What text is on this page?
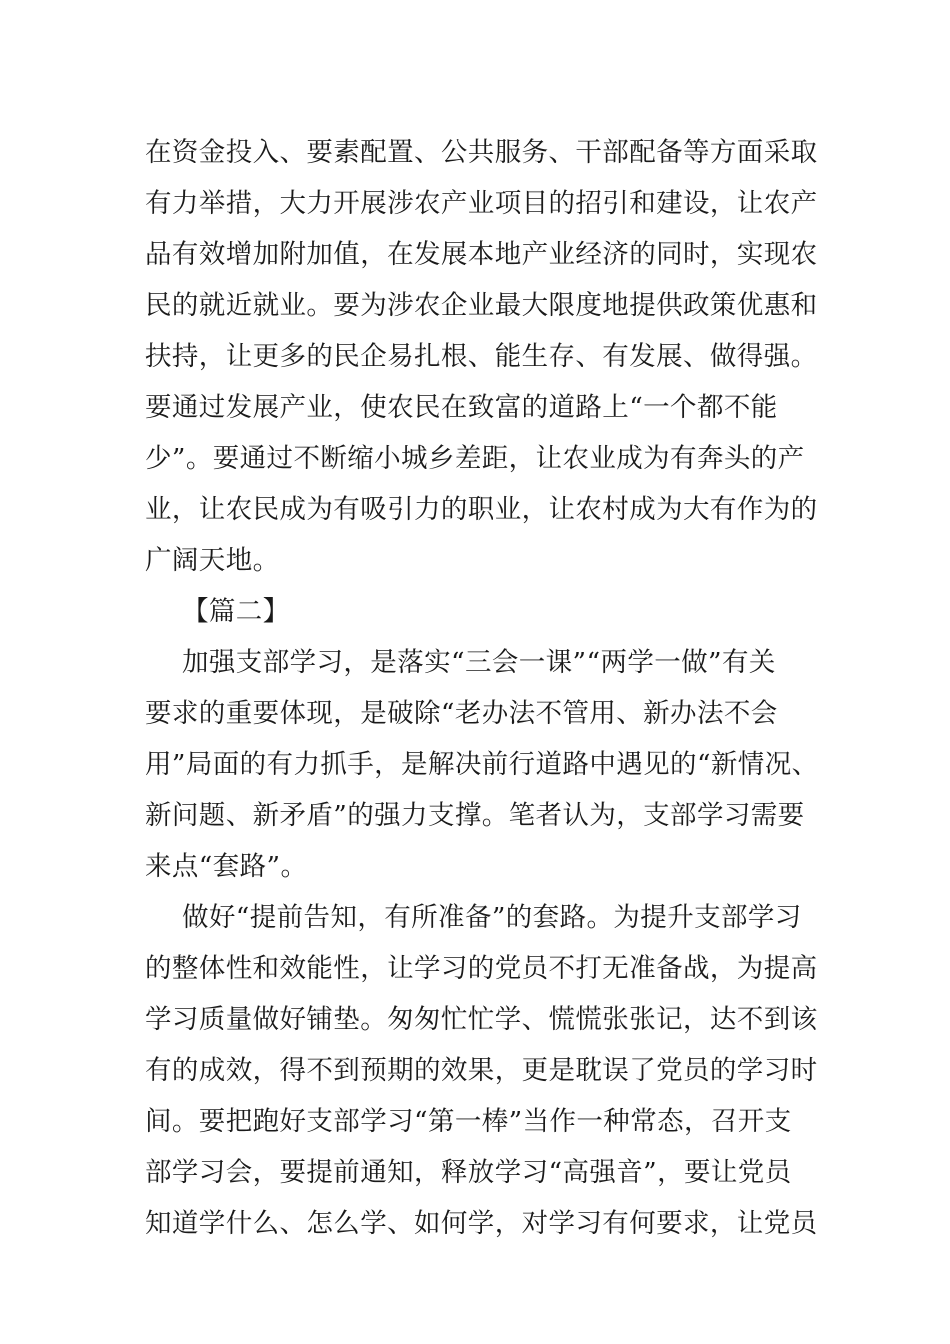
在资金投入、要素配置、公共服务、干部配备等方面采取
有力举措，大力开展涉农产业项目的招引和建设，让农产
品有效增加附加值，在发展本地产业经济的同时，实现农
民的就近就业。要为涉农企业最大限度地提供政策优惠和
扶持，让更多的民企易扎根、能生存、有发展、做得强。
要通过发展产业，使农民在致富的道路上“一个都不能
少”。要通过不断缩小城乡差距，让农业成为有奔头的产
业，让农民成为有吸引力的职业，让农村成为大有作为的
广阔天地。
【篇二】
加强支部学习，是落实“三会一课”“两学一做”有关
要求的重要体现，是破除“老办法不管用、新办法不会
用”局面的有力抓手，是解决前行道路中遇见的“新情况、
新问题、新矛盾”的强力支撑。笔者认为，支部学习需要
来点“套路”。
做好“提前告知，有所准备”的套路。为提升支部学习
的整体性和效能性，让学习的党员不打无准备战，为提高
学习质量做好铺垫。匆匆忙忙学、慌慌张张记，达不到该
有的成效，得不到预期的效果，更是耽误了党员的学习时
间。要把跑好支部学习“第一棒”当作一种常态，召开支
部学习会，要提前通知，释放学习“高强音”，要让党员
知道学什么、怎么学、如何学，对学习有何要求，让党员
